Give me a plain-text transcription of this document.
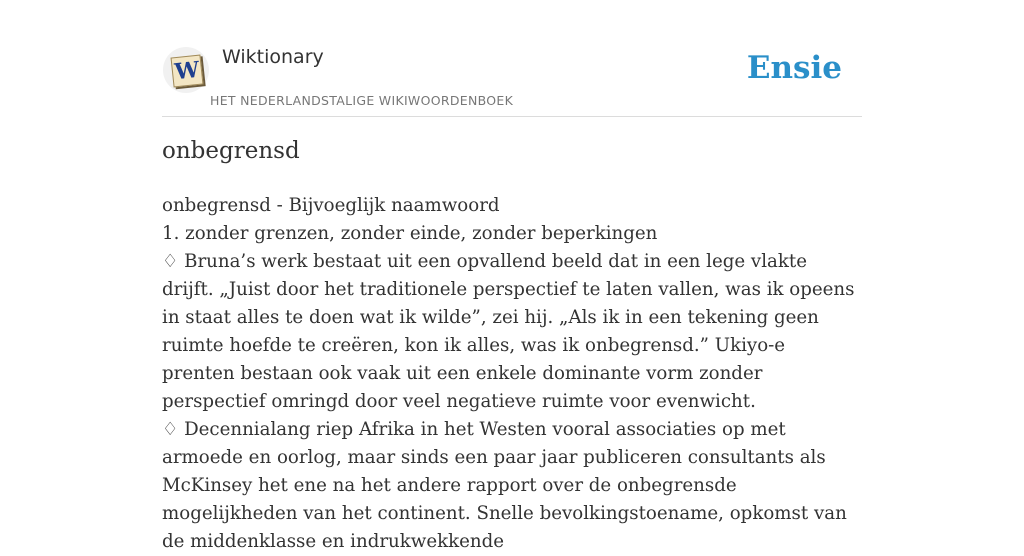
W Wiktionary
HET NEDERLANDSTALIGE WIKIWOORDENBOEK
Ensie
onbegrensd

onbegrensd - Bijvoeglijk naamwoord

1. zonder grenzen, zonder einde, zonder beperkingen

♢ Bruna’s werk bestaat uit een opvallend beeld dat in een lege vlakte drijft. „Juist door het traditionele perspectief te laten vallen, was ik opeens in staat alles te doen wat ik wilde”, zei hij. „Als ik in een tekening geen ruimte hoefde te creëren, kon ik alles, was ik onbegrensd.” Ukiyo-e prenten bestaan ook vaak uit een enkele dominante vorm zonder perspectief omringd door veel negatieve ruimte voor evenwicht.

♢ Decennialang riep Afrika in het Westen vooral associaties op met armoede en oorlog, maar sinds een paar jaar publiceren consultants als McKinsey het ene na het andere rapport over de onbegrensde mogelijkheden van het continent. Snelle bevolkingstoename, opkomst van de middenklasse en indrukwekkende
